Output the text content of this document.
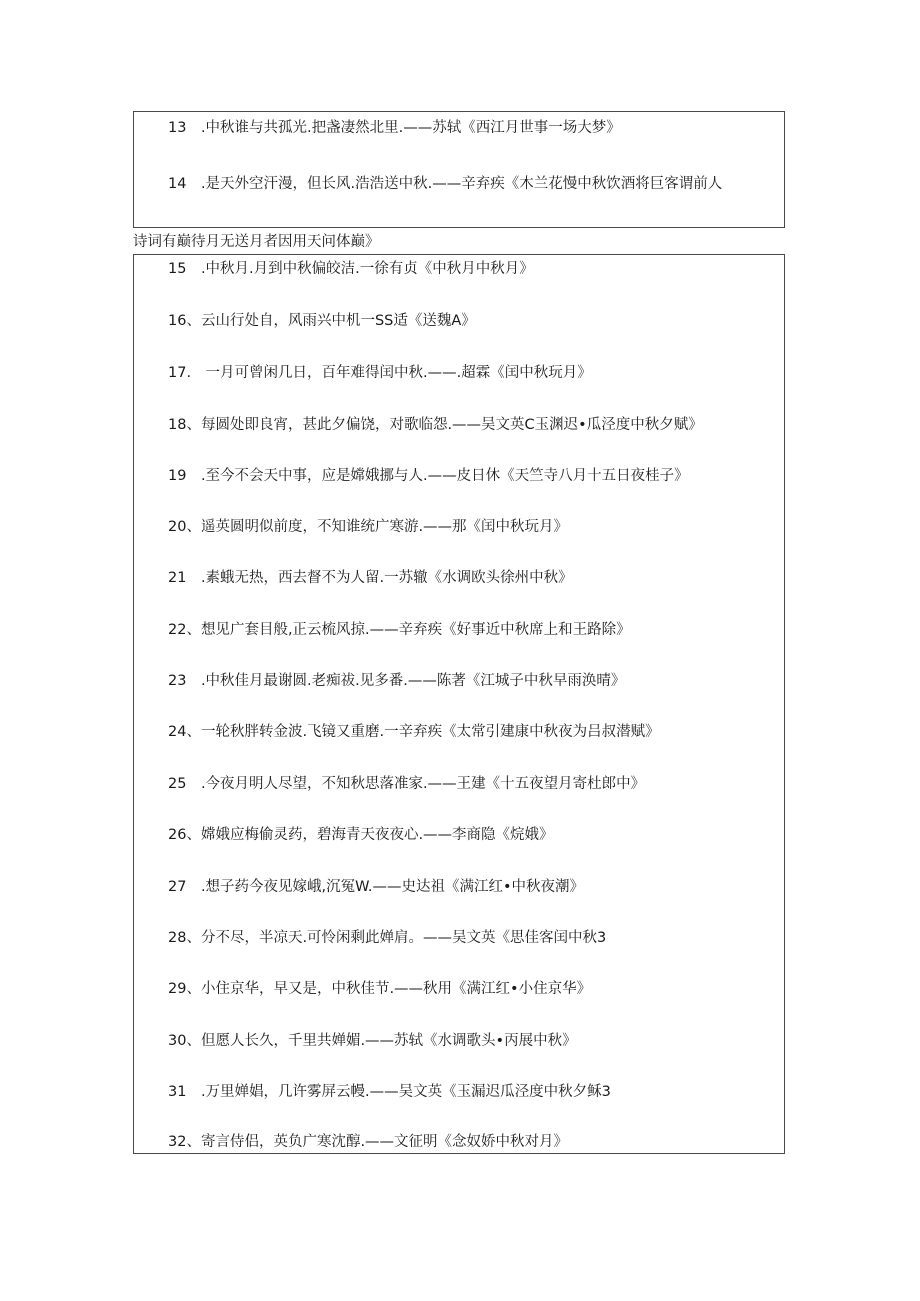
13　.中秋谁与共孤光.把盏凄然北里.——苏轼《西江月世事一场大梦》
14　.是天外空汗漫，但长风.浩浩送中秋.——辛弃疾《木兰花慢中秋饮酒将巨客谓前人
诗词有巅待月无送月者因用天问体巅》
15　.中秋月.月到中秋偏皎洁.一徐有贞《中秋月中秋月》
16、云山行处自，风雨兴中机一SS适《送魏A》
17.　一月可曾闲几日，百年难得闰中秋.——.超霖《闰中秋玩月》
18、每圆处即良宵，甚此夕偏饶，对歌临怨.——吴文英C玉渊迟•瓜泾度中秋夕赋》
19　.至今不会天中事，应是嫦娥挪与人.——皮日休《天竺寺八月十五日夜桂子》
20、遥英圆明似前度，不知谁统广寒游.——那《闰中秋玩月》
21　.素蛾无热，西去督不为人留.一苏辙《水调欧头徐州中秋》
22、想见广套目般,正云梳风掠.——辛弃疾《好事近中秋席上和王路除》
23　.中秋佳月最谢圆.老痴祓.见多番.——陈著《江城子中秋早雨涣晴》
24、一轮秋胖转金波.飞镜又重磨.一辛弃疾《太常引建康中秋夜为吕叔潜赋》
25　.今夜月明人尽望，不知秋思落准家.——王建《十五夜望月寄杜郎中》
26、嫦娥应梅偷灵药，碧海青天夜夜心.——李商隐《烷娥》
27　.想子药今夜见嫁峨,沉冤W.——史达祖《满江红•中秋夜潮》
28、分不尽，半凉天.可怜闲剩此婵肩。——吴文英《思佳客闰中秋3
29、小住京华，早又是，中秋佳节.——秋用《满江红•小住京华》
30、但愿人长久，千里共婵媚.——苏轼《水调歌头•丙展中秋》
31　.万里婵娼，几许雾屏云幔.——吴文英《玉漏迟瓜泾度中秋夕稣3
32、寄言侍侣，英负广寒沈醇.——文征明《念奴娇中秋对月》
